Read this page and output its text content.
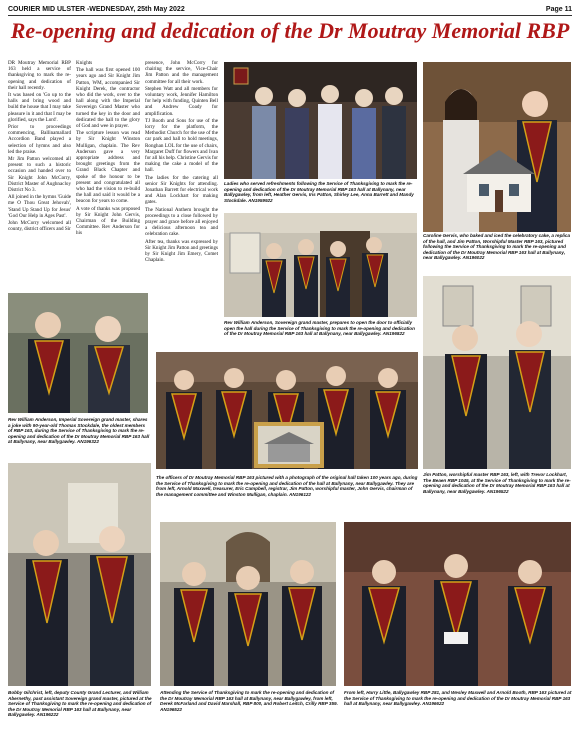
COURIER MID ULSTER -WEDNESDAY, 25th May 2022	Page 11
Re-opening and dedication of the Dr Moutray Memorial RBP

DR Moutray Memorial RBP 163 held a service of thanksgiving to mark the re-opening and dedication of their hall recently.

It was based on 'Go up to the halls and bring wood and build the house that I may take pleasure in it and that I may be glorified, says the Lord'.

Prior to proceedings commencing, Ballinamallard Accordion Band played a selection of hymns and also led the praise.

Mr Jim Patton welcomed all present to such a historic occasion and handed over to Sir Knight John McCorry, District Master of Aughnacloy District No 3.

All joined in the hymns 'Guide me O Thou Great Jehovah', 'Stand Up Stand Up for Jesus' 'God Our Help in Ages Past'.

John McCorry welcomed all county, district officers and Sir

Knights

The hall was first opened 100 years ago and Sir Knight Jim Patton, WM, accompanied Sir Knight Derek, the contractor who did the work, over to the hall along with the Imperial Sovereign Grand Master who turned the key in the door and dedicated the hall to the glory of God and wee in prayer.

The scripture lesson was read by Sir Knight Winston Mulligan, chaplain. The Rev Anderson gave a very appropriate address and brought greetings from the Grand Black Chapter and spoke of the honour to be present and congratulated all who had the vision to re-build the hall and said it would be a beacon for years to come.

A vote of thanks was proposed by Sir Knight John Gervis, Chairman of the Building Committee. Rev Anderson for his

presence, John McCorry for chairing the service, Vice-Chair Jim Patton and the management committee for all their work.

Stephen Watt and all members for voluntary work, Jennifer Hamilton for help with funding, Quinten Bell and Andrew Coady for amplification.

TJ Booth and Sons for use of the lorry for the platform, the Methodist Church for the use of the car park and hall to hold meetings, Ronghan LOL for the use of chairs, Margaret Duff for flowers and Ivan for all his help. Christine Gervis for making the cake a model of the hall.

The ladies for the catering all senior Sir Knights for attending. Jonathan Barrett for electrical work and Alan Lockhart for making gates.

The National Anthem brought the proceedings to a close followed by prayer and grace before all enjoyed a delicious afternoon tea and celebration cake.

After tea, thanks was expressed by Sir Knight Jim Patton and greetings by Sir Knight Jim Emery, Comet Chaplain.

Ladies who served refreshments following the Service of Thanksgiving to mark the re-opening and dedication of the Dr Moutray Memorial RBP 163 hall at Ballynany, near Ballygawley, from left, Heather Gervis, Iris Patton, Shirley Lee, Anna Barrett and Mandy Stockdale. AN1959922
Caroline Gervis, who baked and iced the celebratory cake, a replica of the hall, and Jim Patton, Worshipful Master RBP 163, pictured following the Service of Thanksgiving to mark the re-opening and dedication of the Dr Moutray Memorial RBP 163 hall at Ballynany, near Ballygawley. AN196022
Rev William Anderson, Sovereign grand master, prepares to open the door to officially open the hall during the Service of Thanksgiving to mark the re-opening and dedication of the Dr Moutray Memorial RBP 163 hall at Ballynany, near Ballygawley. AN196822
Rev William Anderson, Imperial Sovereign grand master, shares a joke with 90-year-old Thomas Stockdale, the oldest members of RBP 163, during the Service of Thanksgiving to mark the re-opening and dedication of the Dr Moutray Memorial RBP 163 hall at Ballynany, near Ballygawley. AN196322
The officers of Dr Moutray Memorial RBP 163 pictured with a photograph of the original hall taken 100 years ago, during the Service of Thanksgiving to mark the re-opening and dedication of the hall at Ballynany, near Ballygawley. They are from left, Arnold Maxwell, treasurer, Eric Campbell, registrar, Jim Patton, worshipful master, John Gervis, chairman of the management committee and Winston Mulligan, chaplain. AN196122
Jim Patton, worshipful master RBP 163, left, with Trevor Lockhart, The Beaen RBP 1045, at the Service of Thanksgiving to mark the re-opening and dedication of the Dr Moutray Memorial RBP 163 hall at Ballynany, near Ballygawley. AN196522
Bobby Gilchrist, left, deputy County Grand Lecturer, and William Abernethy, past assistant Sovereign grand master, pictured at the Service of Thanksgiving to mark the re-opening and dedication of the Dr Moutray Memorial RBP 163 hall at Ballynany, near Ballygawley. AN196222
Attending the Service of Thanksgiving to mark the re-opening and dedication of the Dr Moutray Memorial RBP 163 hall at Ballynany, near Ballygawley, from left, Derek McFarland and David Marshall, RBP 800, and Robert Leitch, Crilly RBP 359. AN196522
From left, Harry Little, Ballygawley RBP 281, and Wesley Maxwell and Arnold Booth, RBP 163 pictured at the Service of Thanksgiving to mark the re-opening and dedication of the Dr Moutray Memorial RBP 163 hall at Ballynany, near Ballygawley. AN196622
